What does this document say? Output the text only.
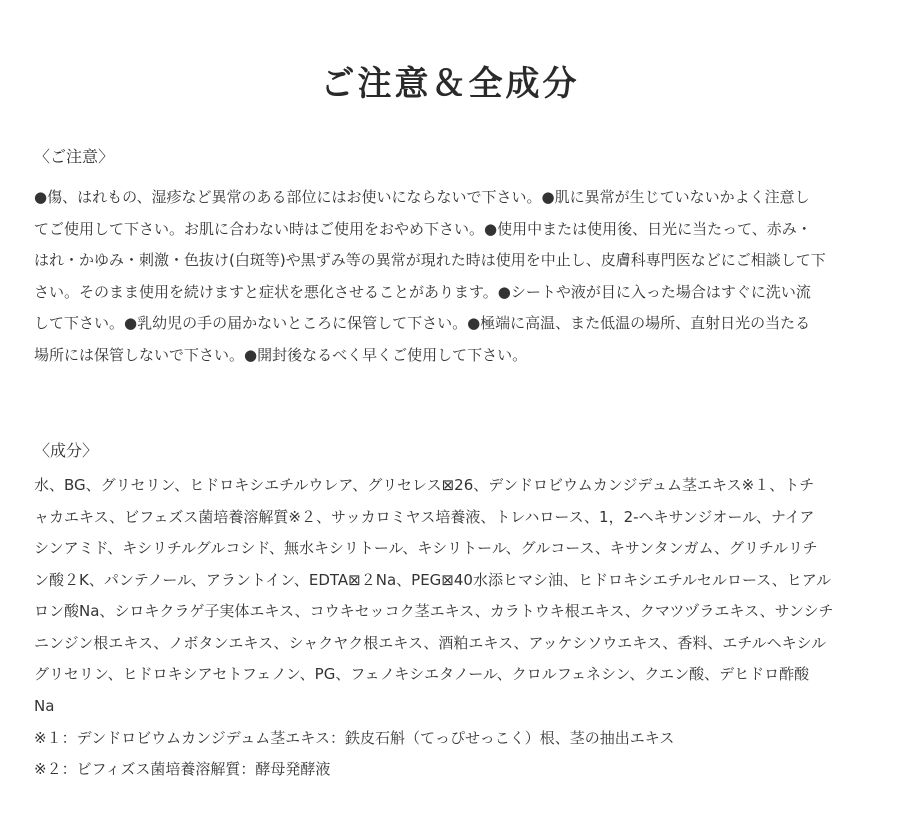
ご注意＆全成分
〈ご注意〉
●傷、はれもの、湿疹など異常のある部位にはお使いにならないで下さい。●肌に異常が生じていないかよく注意し
てご使用して下さい。お肌に合わない時はご使用をおやめ下さい。●使用中または使用後、日光に当たって、赤み・
はれ・かゆみ・刺激・色抜け(白斑等)や黒ずみ等の異常が現れた時は使用を中止し、皮膚科専門医などにご相談して下
さい。そのまま使用を続けますと症状を悪化させることがあります。●シートや液が目に入った場合はすぐに洗い流
して下さい。●乳幼児の手の届かないところに保管して下さい。●極端に高温、また低温の場所、直射日光の当たる
場所には保管しないで下さい。●開封後なるべく早くご使用して下さい。
〈成分〉
水、BG、グリセリン、ヒドロキシエチルウレア、グリセレス⊠26、デンドロビウムカンジデュム茎エキス※１、トチ
ャカエキス、ビフェズス菌培養溶解質※２、サッカロミヤス培養液、トレハロース、1，2-ヘキサンジオール、ナイア
シンアミド、キシリチルグルコシド、無水キシリトール、キシリトール、グルコース、キサンタンガム、グリチルリチ
ン酸２K、パンテノール、アラントイン、EDTA⊠２Na、PEG⊠40水添ヒマシ油、ヒドロキシエチルセルロース、ヒアル
ロン酸Na、シロキクラゲ子実体エキス、コウキセッコク茎エキス、カラトウキ根エキス、クマツヅラエキス、サンシチ
ニンジン根エキス、ノボタンエキス、シャクヤク根エキス、酒粕エキス、アッケシソウエキス、香料、エチルヘキシル
グリセリン、ヒドロキシアセトフェノン、PG、フェノキシエタノール、クロルフェネシン、クエン酸、デヒドロ酢酸
Na
※１：デンドロビウムカンジデュム茎エキス：鉄皮石斛（てっぴせっこく）根、茎の抽出エキス
※２：ビフィズス菌培養溶解質：酵母発酵液
